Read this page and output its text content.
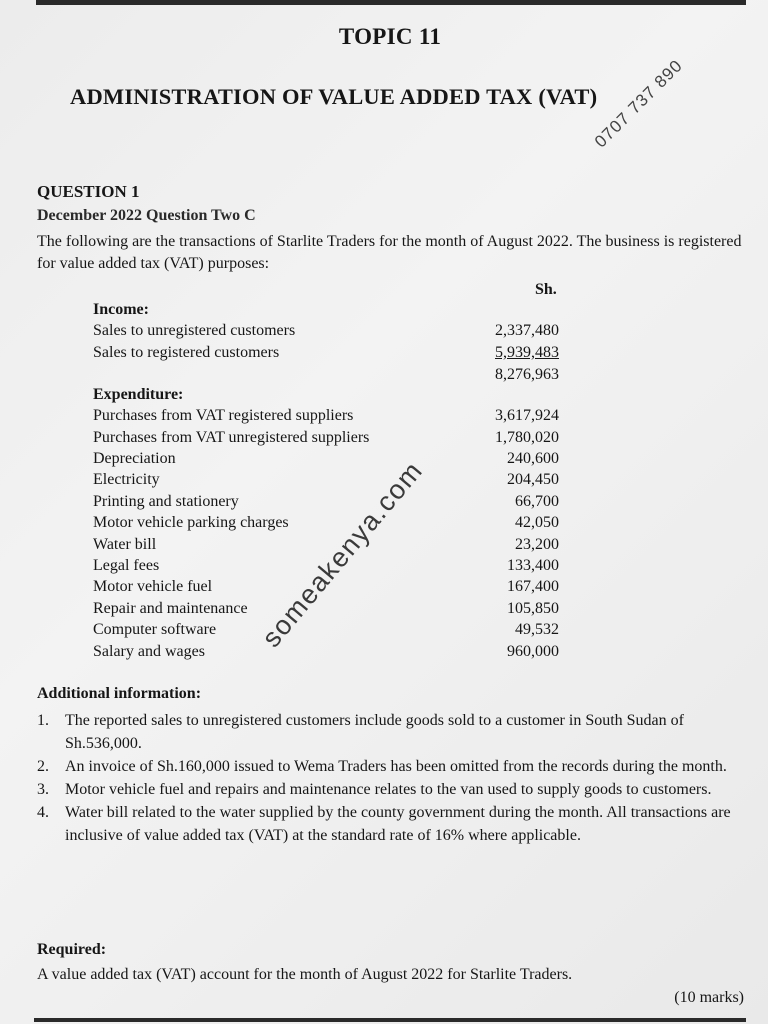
TOPIC 11
ADMINISTRATION OF VALUE ADDED TAX (VAT)
0707 737 890
QUESTION 1
December 2022 Question Two C
The following are the transactions of Starlite Traders for the month of August 2022. The business is registered for value added tax (VAT) purposes:
Sh.
Income:
Sales to unregistered customers	2,337,480
Sales to registered customers	5,939,483
8,276,963
Expenditure:
Purchases from VAT registered suppliers	3,617,924
Purchases from VAT unregistered suppliers	1,780,020
Depreciation	240,600
Electricity	204,450
Printing and stationery	66,700
Motor vehicle parking charges	42,050
Water bill	23,200
Legal fees	133,400
Motor vehicle fuel	167,400
Repair and maintenance	105,850
Computer software	49,532
Salary and wages	960,000
someakenya.com
Additional information:
1. The reported sales to unregistered customers include goods sold to a customer in South Sudan of Sh.536,000.
2. An invoice of Sh.160,000 issued to Wema Traders has been omitted from the records during the month.
3. Motor vehicle fuel and repairs and maintenance relates to the van used to supply goods to customers.
4. Water bill related to the water supplied by the county government during the month. All transactions are inclusive of value added tax (VAT) at the standard rate of 16% where applicable.
Required:
A value added tax (VAT) account for the month of August 2022 for Starlite Traders.
(10 marks)
